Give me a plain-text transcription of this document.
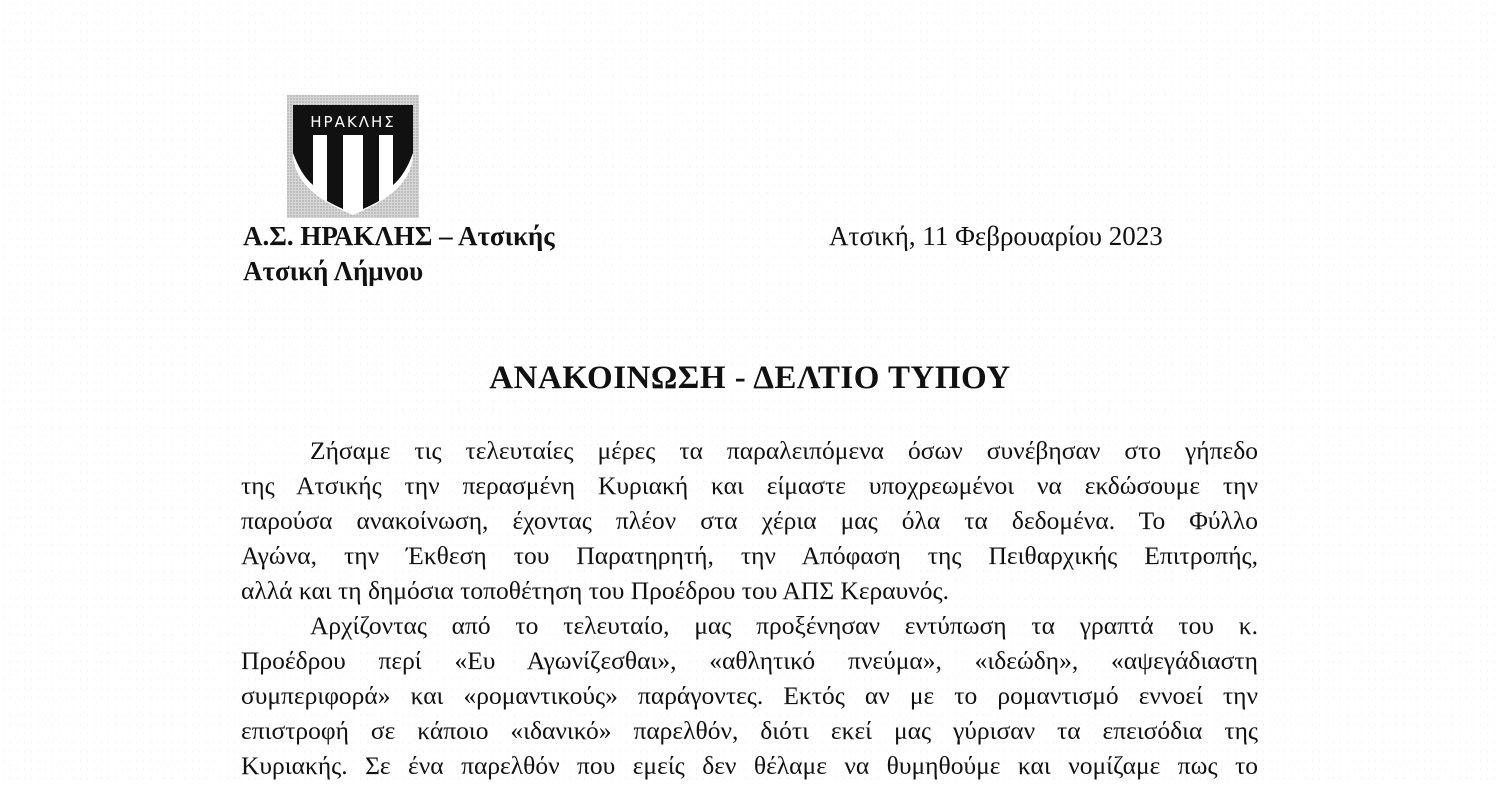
ΗΡΑΚΛΗΣ
Α.Σ. ΗΡΑΚΛΗΣ – Ατσικής
Ατσική Λήμνου
Ατσική, 11 Φεβρουαρίου 2023
ΑΝΑΚΟΙΝΩΣΗ - ΔΕΛΤΙΟ ΤΥΠΟΥ
Ζήσαμε τις τελευταίες μέρες τα παραλειπόμενα όσων συνέβησαν στο γήπεδο
της Ατσικής την περασμένη Κυριακή και είμαστε υποχρεωμένοι να εκδώσουμε την
παρούσα ανακοίνωση, έχοντας πλέον στα χέρια μας όλα τα δεδομένα. Το Φύλλο
Αγώνα, την Έκθεση του Παρατηρητή, την Απόφαση της Πειθαρχικής Επιτροπής,
αλλά και τη δημόσια τοποθέτηση του Προέδρου του ΑΠΣ Κεραυνός.
Αρχίζοντας από το τελευταίο, μας προξένησαν εντύπωση τα γραπτά του κ.
Προέδρου περί «Ευ Αγωνίζεσθαι», «αθλητικό πνεύμα», «ιδεώδη», «αψεγάδιαστη
συμπεριφορά» και «ρομαντικούς» παράγοντες. Εκτός αν με το ρομαντισμό εννοεί την
επιστροφή σε κάποιο «ιδανικό» παρελθόν, διότι εκεί μας γύρισαν τα επεισόδια της
Κυριακής. Σε ένα παρελθόν που εμείς δεν θέλαμε να θυμηθούμε και νομίζαμε πως το
